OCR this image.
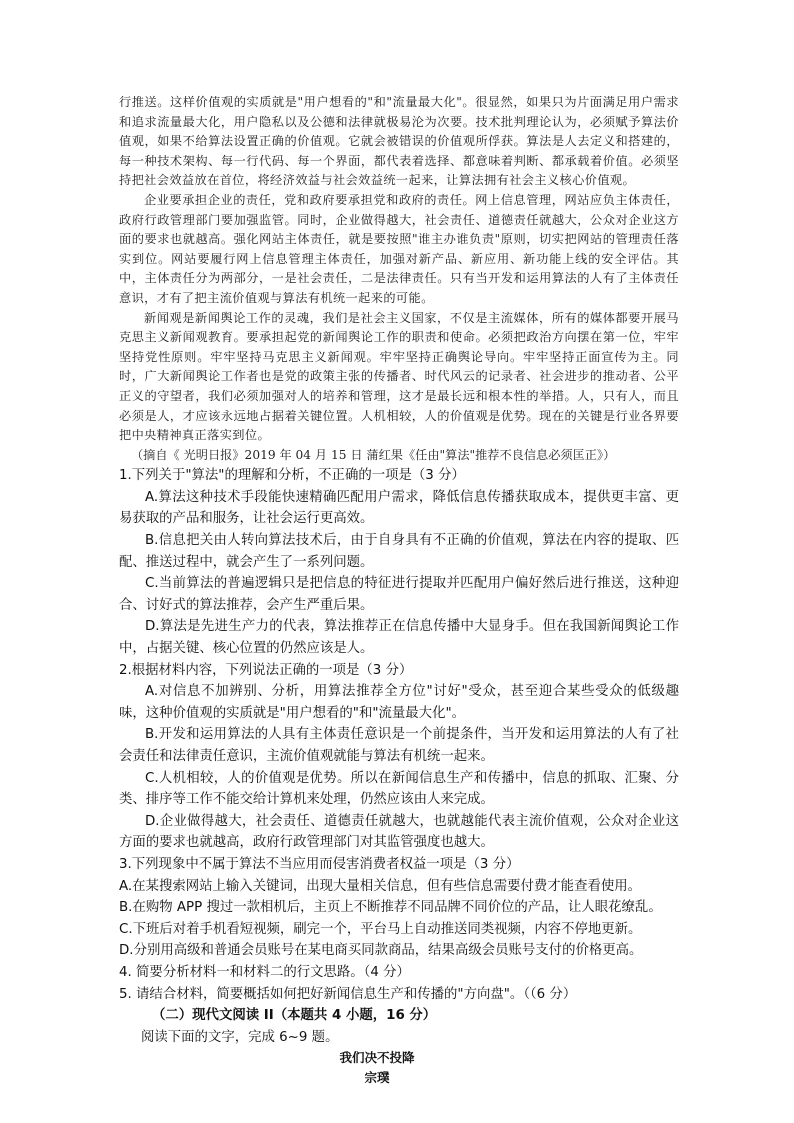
行推送。这样价值观的实质就是"用户想看的"和"流量最大化"。很显然，如果只为片面满足用户需求和追求流量最大化，用户隐私以及公德和法律就极易沦为次要。技术批判理论认为，必须赋予算法价值观，如果不给算法设置正确的价值观。它就会被错误的价值观所俘获。算法是人去定义和搭建的，每一种技术架构、每一行代码、每一个界面，都代表着选择、都意味着判断、都承载着价值。必须坚持把社会效益放在首位，将经济效益与社会效益统一起来，让算法拥有社会主义核心价值观。

企业要承担企业的责任，党和政府要承担党和政府的责任。网上信息管理，网站应负主体责任，政府行政管理部门要加强监管。同时，企业做得越大，社会责任、道德责任就越大，公众对企业这方面的要求也就越高。强化网站主体责任，就是要按照"谁主办谁负责"原则，切实把网站的管理责任落实到位。网站要履行网上信息管理主体责任，加强对新产品、新应用、新功能上线的安全评估。其中，主体责任分为两部分，一是社会责任，二是法律责任。只有当开发和运用算法的人有了主体责任意识，才有了把主流价值观与算法有机统一起来的可能。

新闻观是新闻舆论工作的灵魂，我们是社会主义国家，不仅是主流媒体，所有的媒体都要开展马克思主义新闻观教育。要承担起党的新闻舆论工作的职责和使命。必须把政治方向摆在第一位，牢牢坚持党性原则。牢牢坚持马克思主义新闻观。牢牢坚持正确舆论导向。牢牢坚持正面宣传为主。同时，广大新闻舆论工作者也是党的政策主张的传播者、时代风云的记录者、社会进步的推动者、公平正义的守望者，我们必须加强对人的培养和管理，这才是最长远和根本性的举措。人，只有人，而且必须是人，才应该永远地占据着关键位置。人机相较，人的价值观是优势。现在的关键是行业各界要把中央精神真正落实到位。

（摘自《 光明日报》2019 年 04 月 15 日 蒲红果《任由"算法"推荐不良信息必须匡正》）

1.下列关于"算法"的理解和分析，不正确的一项是（3 分）

A.算法这种技术手段能快速精确匹配用户需求，降低信息传播获取成本，提供更丰富、更易获取的产品和服务，让社会运行更高效。

B.信息把关由人转向算法技术后，由于自身具有不正确的价值观，算法在内容的提取、匹配、推送过程中，就会产生了一系列问题。

C.当前算法的普遍逻辑只是把信息的特征进行提取并匹配用户偏好然后进行推送，这种迎合、讨好式的算法推荐，会产生严重后果。

D.算法是先进生产力的代表，算法推荐正在信息传播中大显身手。但在我国新闻舆论工作中，占据关键、核心位置的仍然应该是人。

2.根据材料内容，下列说法正确的一项是（3 分）

A.对信息不加辨别、分析，用算法推荐全方位"讨好"受众，甚至迎合某些受众的低级趣味，这种价值观的实质就是"用户想看的"和"流量最大化"。

B.开发和运用算法的人具有主体责任意识是一个前提条件，当开发和运用算法的人有了社会责任和法律责任意识，主流价值观就能与算法有机统一起来。

C.人机相较，人的价值观是优势。所以在新闻信息生产和传播中，信息的抓取、汇聚、分类、排序等工作不能交给计算机来处理，仍然应该由人来完成。

D.企业做得越大，社会责任、道德责任就越大，也就越能代表主流价值观，公众对企业这方面的要求也就越高，政府行政管理部门对其监管强度也越大。

3.下列现象中不属于算法不当应用而侵害消费者权益一项是（3 分）

A.在某搜索网站上输入关键词，出现大量相关信息，但有些信息需要付费才能查看使用。

B.在购物 APP 搜过一款相机后，主页上不断推荐不同品牌不同价位的产品，让人眼花缭乱。

C.下班后对着手机看短视频，刷完一个，平台马上自动推送同类视频，内容不停地更新。

D.分别用高级和普通会员账号在某电商买同款商品，结果高级会员账号支付的价格更高。

4. 简要分析材料一和材料二的行文思路。（4 分）

5. 请结合材料，简要概括如何把好新闻信息生产和传播的"方向盘"。（（6 分）

（二）现代文阅读 II（本题共 4 小题，16 分）

阅读下面的文字，完成 6~9 题。

我们决不投降

宗璞
